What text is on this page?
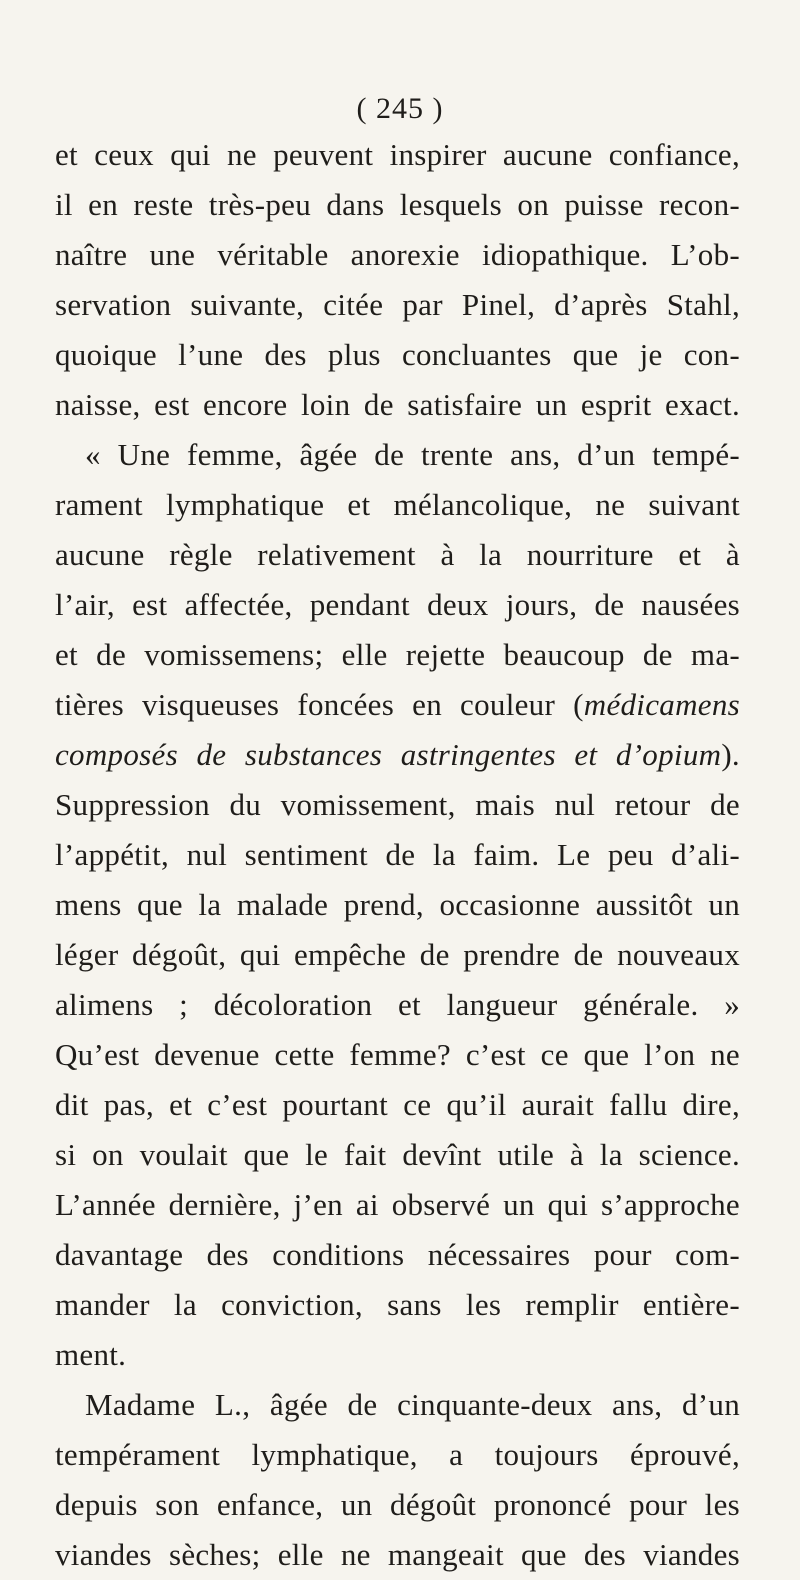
( 245 )
et ceux qui ne peuvent inspirer aucune confiance,
il en reste très-peu dans lesquels on puisse recon-
naître une véritable anorexie idiopathique. L’ob-
servation suivante, citée par Pinel, d’après Stahl,
quoique l’une des plus concluantes que je con-
naisse, est encore loin de satisfaire un esprit exact.
« Une femme, âgée de trente ans, d’un tempé-
rament lymphatique et mélancolique, ne suivant
aucune règle relativement à la nourriture et à
l’air, est affectée, pendant deux jours, de nausées
et de vomissemens; elle rejette beaucoup de ma-
tières visqueuses foncées en couleur (médicamens
composés de substances astringentes et d’opium).
Suppression du vomissement, mais nul retour de
l’appétit, nul sentiment de la faim. Le peu d’ali-
mens que la malade prend, occasionne aussitôt un
léger dégoût, qui empêche de prendre de nouveaux
alimens ; décoloration et langueur générale. »
Qu’est devenue cette femme? c’est ce que l’on ne
dit pas, et c’est pourtant ce qu’il aurait fallu dire,
si on voulait que le fait devînt utile à la science.
L’année dernière, j’en ai observé un qui s’approche
davantage des conditions nécessaires pour com-
mander la conviction, sans les remplir entière-
ment.
Madame L., âgée de cinquante-deux ans, d’un
tempérament lymphatique, a toujours éprouvé,
depuis son enfance, un dégoût prononcé pour les
viandes sèches; elle ne mangeait que des viandes
